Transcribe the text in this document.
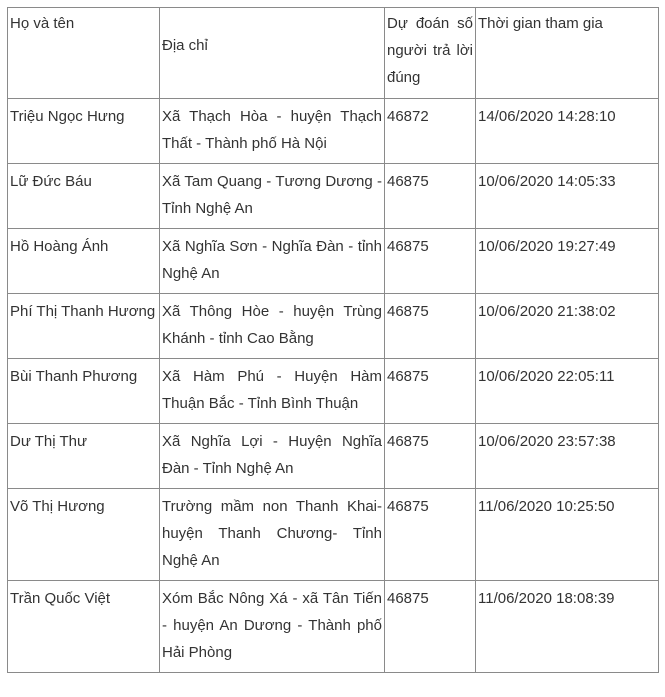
Họ và tên	Địa chỉ	Dự đoán số người trả lời đúng	Thời gian tham gia
Triệu Ngọc Hưng	Xã Thạch Hòa - huyện Thạch Thất - Thành phố Hà Nội	46872	14/06/2020 14:28:10
Lữ Đức Báu	Xã Tam Quang - Tương Dương - Tỉnh Nghệ An	46875	10/06/2020 14:05:33
Hồ Hoàng Ánh	Xã Nghĩa Sơn - Nghĩa Đàn - tỉnh Nghệ An	46875	10/06/2020 19:27:49
Phí Thị Thanh Hương	Xã Thông Hòe - huyện Trùng Khánh - tỉnh Cao Bằng	46875	10/06/2020 21:38:02
Bùi Thanh Phương	Xã Hàm Phú - Huyện Hàm Thuận Bắc - Tỉnh Bình Thuận	46875	10/06/2020 22:05:11
Dư Thị Thư	Xã Nghĩa Lợi - Huyện Nghĩa Đàn - Tỉnh Nghệ An	46875	10/06/2020 23:57:38
Võ Thị Hương	Trường mầm non Thanh Khai-huyện Thanh Chương- Tỉnh Nghệ An	46875	11/06/2020 10:25:50
Trần Quốc Việt	Xóm Bắc Nông Xá - xã Tân Tiến - huyện An Dương - Thành phố Hải Phòng	46875	11/06/2020 18:08:39
